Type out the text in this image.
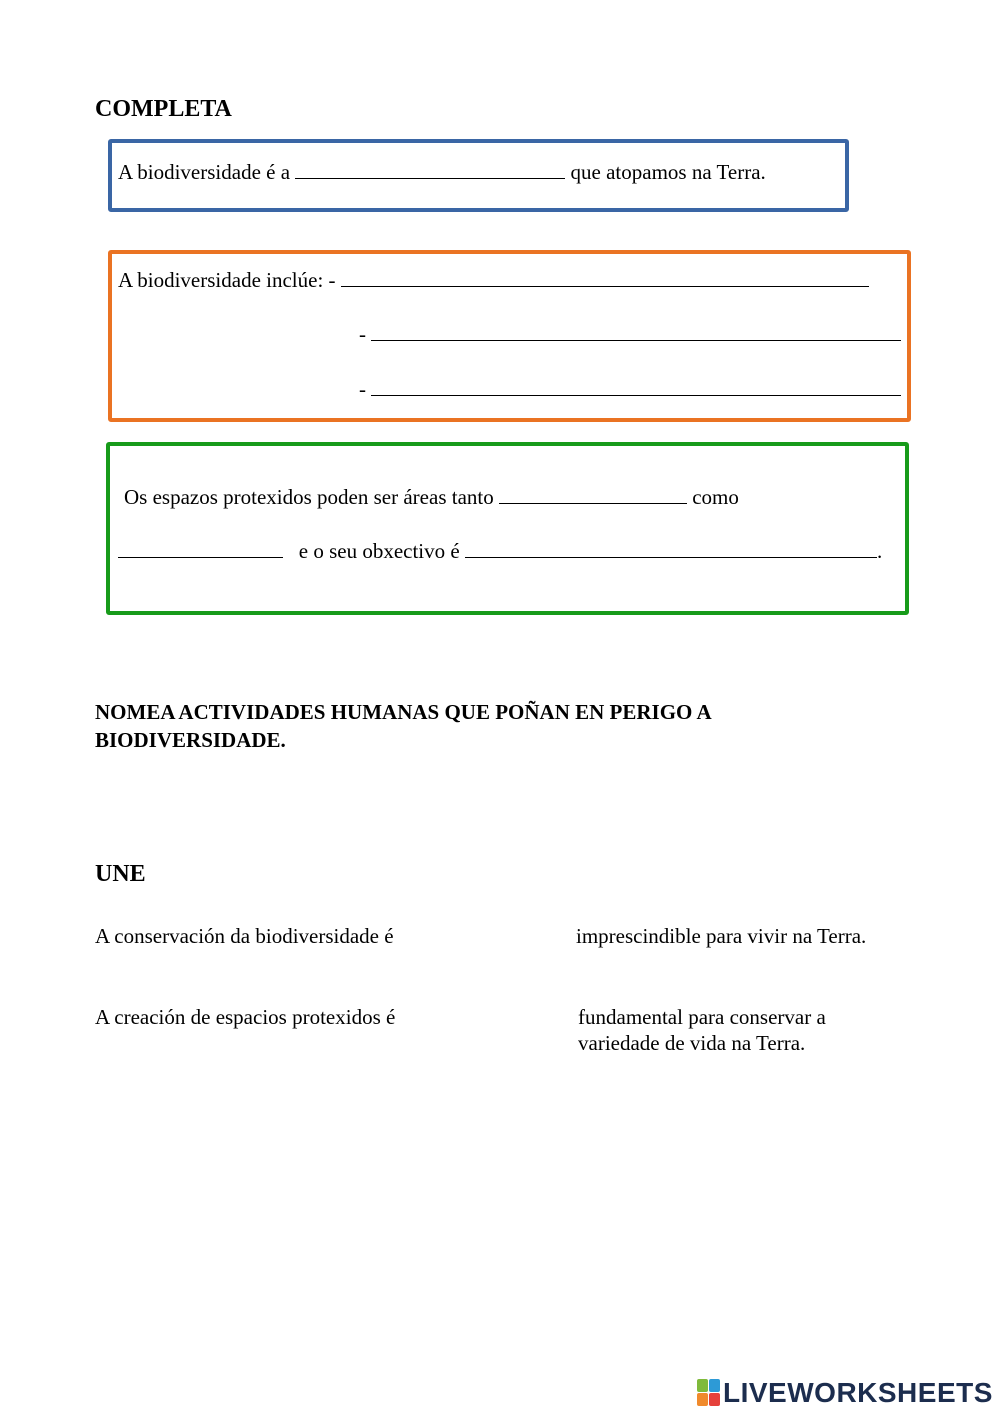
COMPLETA
A biodiversidade é a	que atopamos na Terra.
A biodiversidade inclúe: -
-
-
Os espazos protexidos poden ser áreas tanto	como
e o seu obxectivo é	.
NOMEA ACTIVIDADES HUMANAS QUE POÑAN EN PERIGO A BIODIVERSIDADE.
UNE
A conservación da biodiversidade é	imprescindible para vivir na Terra.
A creación de espacios protexidos é	fundamental para conservar a
variedade de vida na Terra.
LIVEWORKSHEETS
